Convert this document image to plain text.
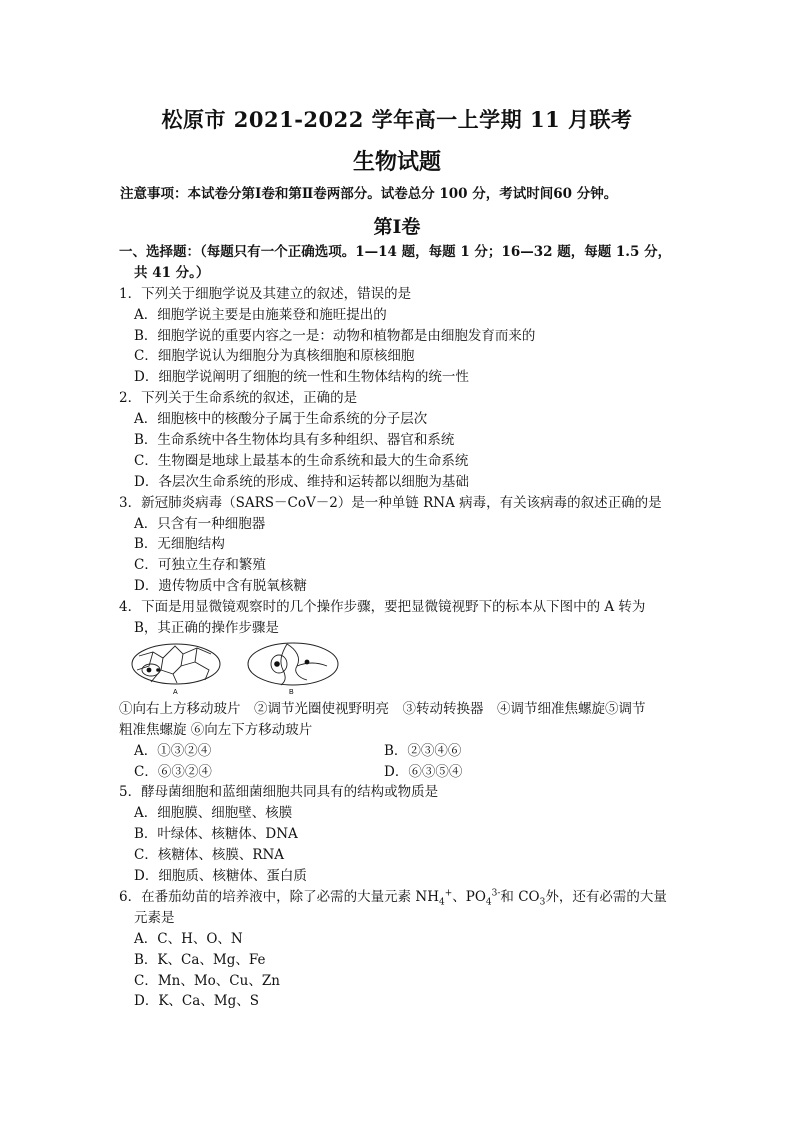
松原市 2021-2022 学年高一上学期 11 月联考
生物试题
注意事项：本试卷分第Ⅰ卷和第Ⅱ卷两部分。试卷总分 100 分，考试时间60 分钟。
第Ⅰ卷
一、选择题：（每题只有一个正确选项。1—14 题，每题 1 分；16—32 题，每题 1.5 分，
共 41 分。）
1．下列关于细胞学说及其建立的叙述，错误的是
A．细胞学说主要是由施莱登和施旺提出的
B．细胞学说的重要内容之一是：动物和植物都是由细胞发育而来的
C．细胞学说认为细胞分为真核细胞和原核细胞
D．细胞学说阐明了细胞的统一性和生物体结构的统一性
2．下列关于生命系统的叙述，正确的是
A．细胞核中的核酸分子属于生命系统的分子层次
B．生命系统中各生物体均具有多种组织、器官和系统
C．生物圈是地球上最基本的生命系统和最大的生命系统
D．各层次生命系统的形成、维持和运转都以细胞为基础
3．新冠肺炎病毒（SARS－CoV－2）是一种单链 RNA 病毒，有关该病毒的叙述正确的是
A．只含有一种细胞器
B．无细胞结构
C．可独立生存和繁殖
D．遗传物质中含有脱氧核糖
4．下面是用显微镜观察时的几个操作步骤，要把显微镜视野下的标本从下图中的 A 转为
B，其正确的操作步骤是
A	B
①向右上方移动玻片　②调节光圈使视野明亮　③转动转换器　④调节细准焦螺旋⑤调节
粗准焦螺旋 ⑥向左下方移动玻片
A．①③②④	B．②③④⑥
C．⑥③②④	D．⑥③⑤④
5．酵母菌细胞和蓝细菌细胞共同具有的结构或物质是
A．细胞膜、细胞壁、核膜
B．叶绿体、核糖体、DNA
C．核糖体、核膜、RNA
D．细胞质、核糖体、蛋白质
6．在番茄幼苗的培养液中，除了必需的大量元素 $NH_4^+$、$PO_4^{3-}$和 $CO_3$外，还有必需的大量
元素是
A．C、H、O、N
B．K、Ca、Mg、Fe
C．Mn、Mo、Cu、Zn
D．K、Ca、Mg、S
